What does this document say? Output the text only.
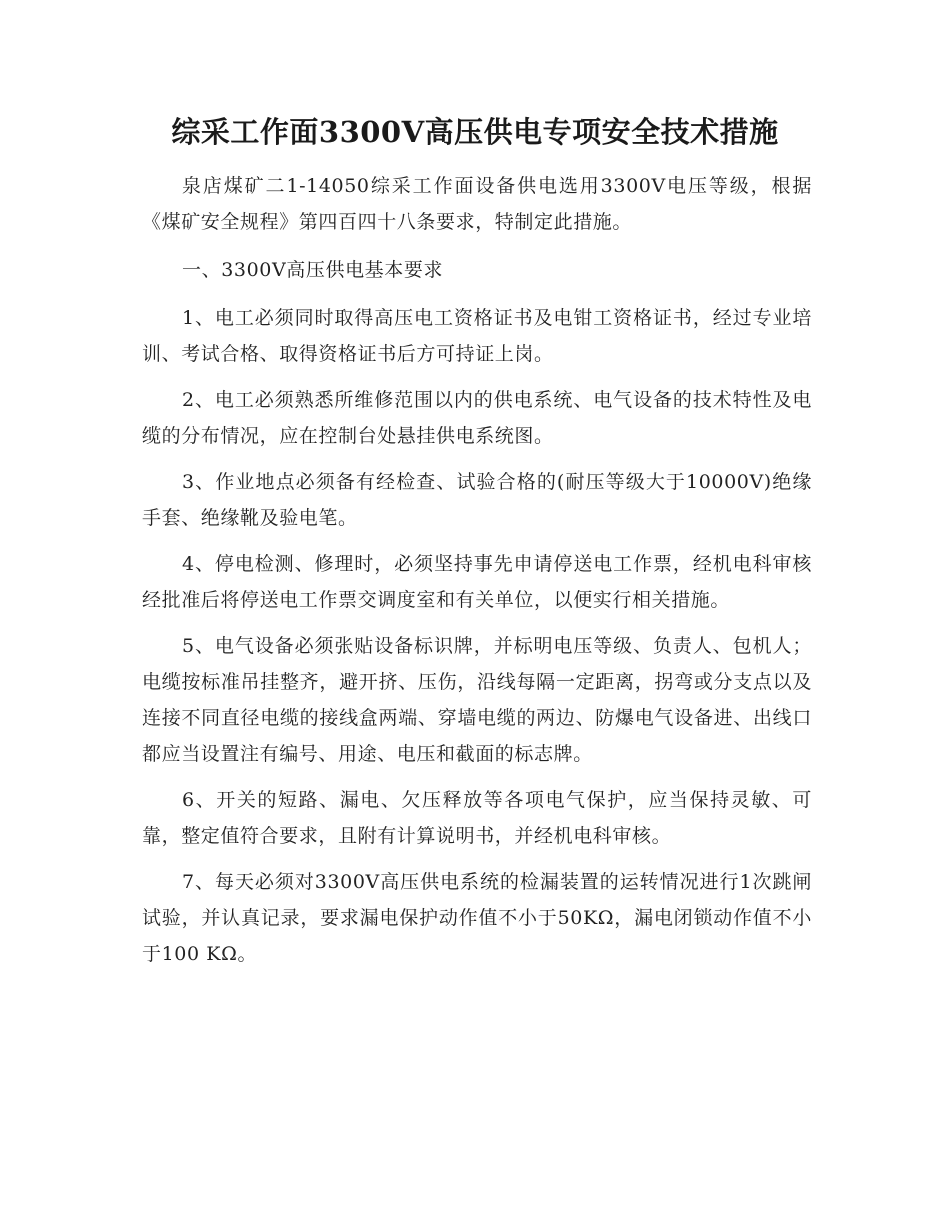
综采工作面3300V高压供电专项安全技术措施

泉店煤矿二1-14050综采工作面设备供电选用3300V电压等级，根据《煤矿安全规程》第四百四十八条要求，特制定此措施。

一、3300V高压供电基本要求

1、电工必须同时取得高压电工资格证书及电钳工资格证书，经过专业培训、考试合格、取得资格证书后方可持证上岗。

2、电工必须熟悉所维修范围以内的供电系统、电气设备的技术特性及电缆的分布情况，应在控制台处悬挂供电系统图。

3、作业地点必须备有经检查、试验合格的(耐压等级大于10000V)绝缘手套、绝缘靴及验电笔。

4、停电检测、修理时，必须坚持事先申请停送电工作票，经机电科审核经批准后将停送电工作票交调度室和有关单位，以便实行相关措施。

5、电气设备必须张贴设备标识牌，并标明电压等级、负责人、包机人；电缆按标准吊挂整齐，避开挤、压伤，沿线每隔一定距离，拐弯或分支点以及连接不同直径电缆的接线盒两端、穿墙电缆的两边、防爆电气设备进、出线口都应当设置注有编号、用途、电压和截面的标志牌。

6、开关的短路、漏电、欠压释放等各项电气保护，应当保持灵敏、可靠，整定值符合要求，且附有计算说明书，并经机电科审核。

7、每天必须对3300V高压供电系统的检漏装置的运转情况进行1次跳闸试验，并认真记录，要求漏电保护动作值不小于50KΩ，漏电闭锁动作值不小于100 KΩ。
